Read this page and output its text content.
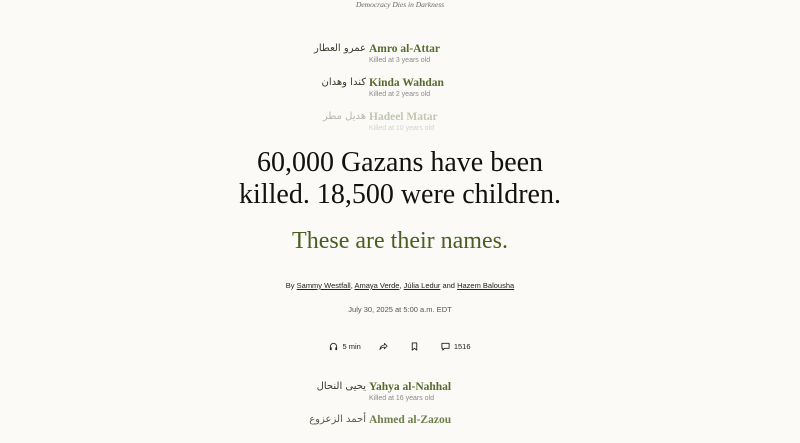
Democracy Dies in Darkness
عمرو العطار Amro al-Attar
Killed at 3 years old
كندا وهدان Kinda Wahdan
Killed at 2 years old
هديل مطر Hadeel Matar
Killed at 10 years old
60,000 Gazans have been
killed. 18,500 were children.
These are their names.
By Sammy Westfall, Amaya Verde, Júlia Ledur and Hazem Balousha
July 30, 2025 at 5:00 a.m. EDT
5 min	1516
يحيى النحال Yahya al-Nahhal
Killed at 16 years old
أحمد الزعزوع Ahmed al-Zazou
